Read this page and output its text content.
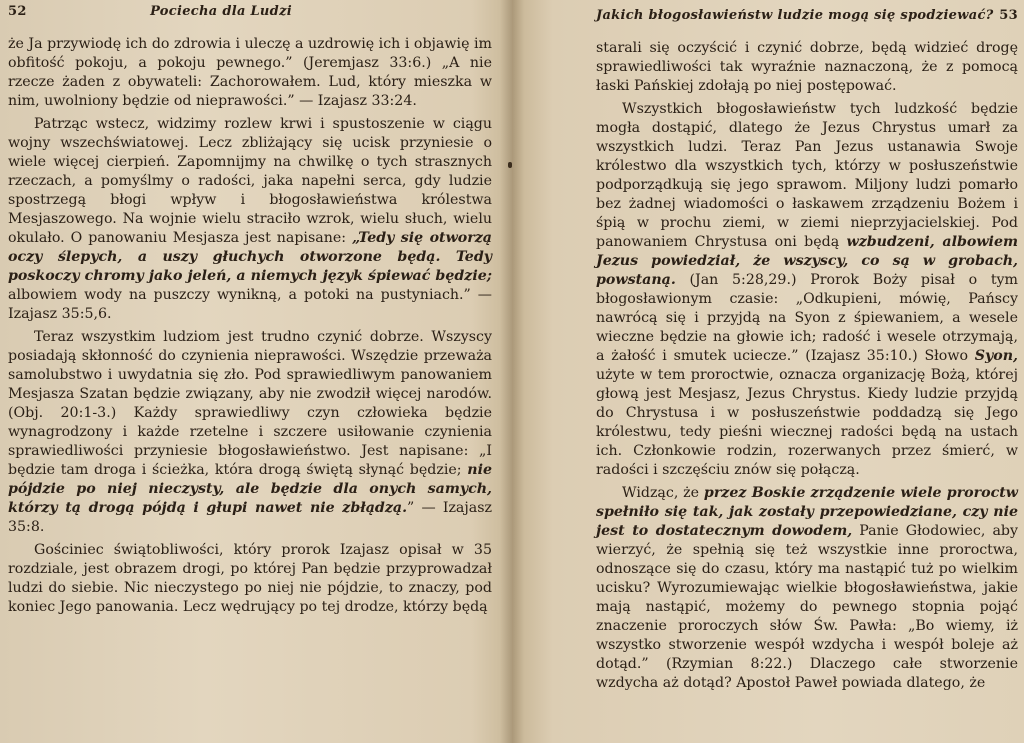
52	Pociecha dla Ludzi

że Ja przywiodę ich do zdrowia i uleczę a uzdrowię ich i objawię im obfitość pokoju, a pokoju pewnego.” (Jeremjasz 33:6.) „A nie rzecze żaden z obywateli: Zachorowałem. Lud, który mieszka w nim, uwolniony będzie od nieprawości.” — Izajasz 33:24.

Patrząc wstecz, widzimy rozlew krwi i spustoszenie w ciągu wojny wszechświatowej. Lecz zbliżający się ucisk przyniesie o wiele więcej cierpień. Zapomnijmy na chwilkę o tych strasznych rzeczach, a pomyślmy o radości, jaka napełni serca, gdy ludzie spostrzegą błogi wpływ i błogosławieństwa królestwa Mesjaszowego. Na wojnie wielu straciło wzrok, wielu słuch, wielu okulało. O panowaniu Mesjasza jest napisane: „Tedy się otworzą oczy ślepych, a uszy głuchych otworzone będą. Tedy poskoczy chromy jako jeleń, a niemych język śpiewać będzie; albowiem wody na puszczy wynikną, a potoki na pustyniach.” — Izajasz 35:5,6.

Teraz wszystkim ludziom jest trudno czynić dobrze. Wszyscy posiadają skłonność do czynienia nieprawości. Wszędzie przeważa samolubstwo i uwydatnia się zło. Pod sprawiedliwym panowaniem Mesjasza Szatan będzie związany, aby nie zwodził więcej narodów. (Obj. 20:1-3.) Każdy sprawiedliwy czyn człowieka będzie wynagrodzony i każde rzetelne i szczere usiłowanie czynienia sprawiedliwości przyniesie błogosławieństwo. Jest napisane: „I będzie tam droga i ścieżka, która drogą świętą słynąć będzie; nie pójdzie po niej nieczysty, ale będzie dla onych samych, którzy tą drogą pójdą i głupi nawet nie zbłądzą.” — Izajasz 35:8.

Gościniec świątobliwości, który prorok Izajasz opisał w 35 rozdziale, jest obrazem drogi, po której Pan będzie przyprowadzał ludzi do siebie. Nic nieczystego po niej nie pójdzie, to znaczy, pod koniec Jego panowania. Lecz wędrujący po tej drodze, którzy będą

Jakich błogosławieństw ludzie mogą się spodziewać? 53

starali się oczyścić i czynić dobrze, będą widzieć drogę sprawiedliwości tak wyraźnie naznaczoną, że z pomocą łaski Pańskiej zdołają po niej postępować.

Wszystkich błogosławieństw tych ludzkość będzie mogła dostąpić, dlatego że Jezus Chrystus umarł za wszystkich ludzi. Teraz Pan Jezus ustanawia Swoje królestwo dla wszystkich tych, którzy w posłuszeństwie podporządkują się jego sprawom. Miljony ludzi pomarło bez żadnej wiadomości o łaskawem zrządzeniu Bożem i śpią w prochu ziemi, w ziemi nieprzyjacielskiej. Pod panowaniem Chrystusa oni będą wzbudzeni, albowiem Jezus powiedział, że wszyscy, co są w grobach, powstaną. (Jan 5:28,29.) Prorok Boży pisał o tym błogosławionym czasie: „Odkupieni, mówię, Pańscy nawrócą się i przyjdą na Syon z śpiewaniem, a wesele wieczne będzie na głowie ich; radość i wesele otrzymają, a żałość i smutek uciecze.” (Izajasz 35:10.) Słowo Syon, użyte w tem proroctwie, oznacza organizację Bożą, której głową jest Mesjasz, Jezus Chrystus. Kiedy ludzie przyjdą do Chrystusa i w posłuszeństwie poddadzą się Jego królestwu, tedy pieśni wiecznej radości będą na ustach ich. Członkowie rodzin, rozerwanych przez śmierć, w radości i szczęściu znów się połączą.

Widząc, że przez Boskie zrządzenie wiele proroctw spełniło się tak, jak zostały przepowiedziane, czy nie jest to dostatecznym dowodem, Panie Głodowiec, aby wierzyć, że spełnią się też wszystkie inne proroctwa, odnoszące się do czasu, który ma nastąpić tuż po wielkim ucisku? Wyrozumiewając wielkie błogosławieństwa, jakie mają nastąpić, możemy do pewnego stopnia pojąć znaczenie proroczych słów Św. Pawła: „Bo wiemy, iż wszystko stworzenie wespół wzdycha i wespół boleje aż dotąd.” (Rzymian 8:22.) Dlaczego całe stworzenie wzdycha aż dotąd? Apostoł Paweł powiada dlatego, że
